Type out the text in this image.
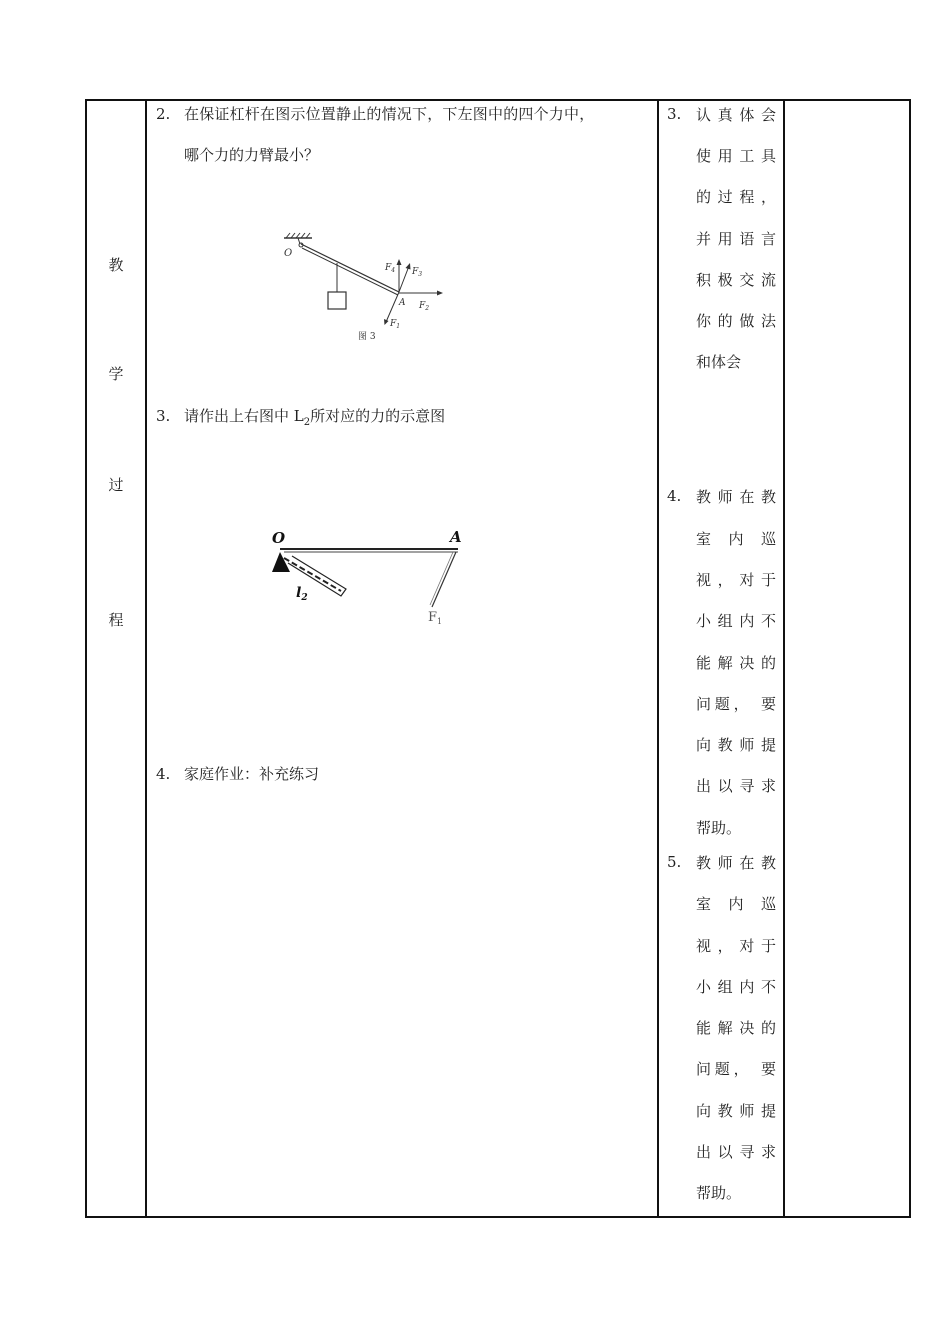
教
学
过
程
2. 在保证杠杆在图示位置静止的情况下，下左图中的四个力中，
哪个力的力臂最小？
O
A
$F_4$ $F_3$
$F_2$
$F_1$
图 3
3. 请作出上右图中 $L_2$所对应的力的示意图
O	A
$l_2$
$F_1$
4. 家庭作业：补充练习
3. 认真体会
使用工具
的过程，
并用语言
积极交流
你的做法
和体会
4. 教师在教
室 内 巡
视，对于
小组内不
能解决的
问题， 要
向教师提
出以寻求
帮助。
5. 教师在教
室 内 巡
视，对于
小组内不
能解决的
问题， 要
向教师提
出以寻求
帮助。
